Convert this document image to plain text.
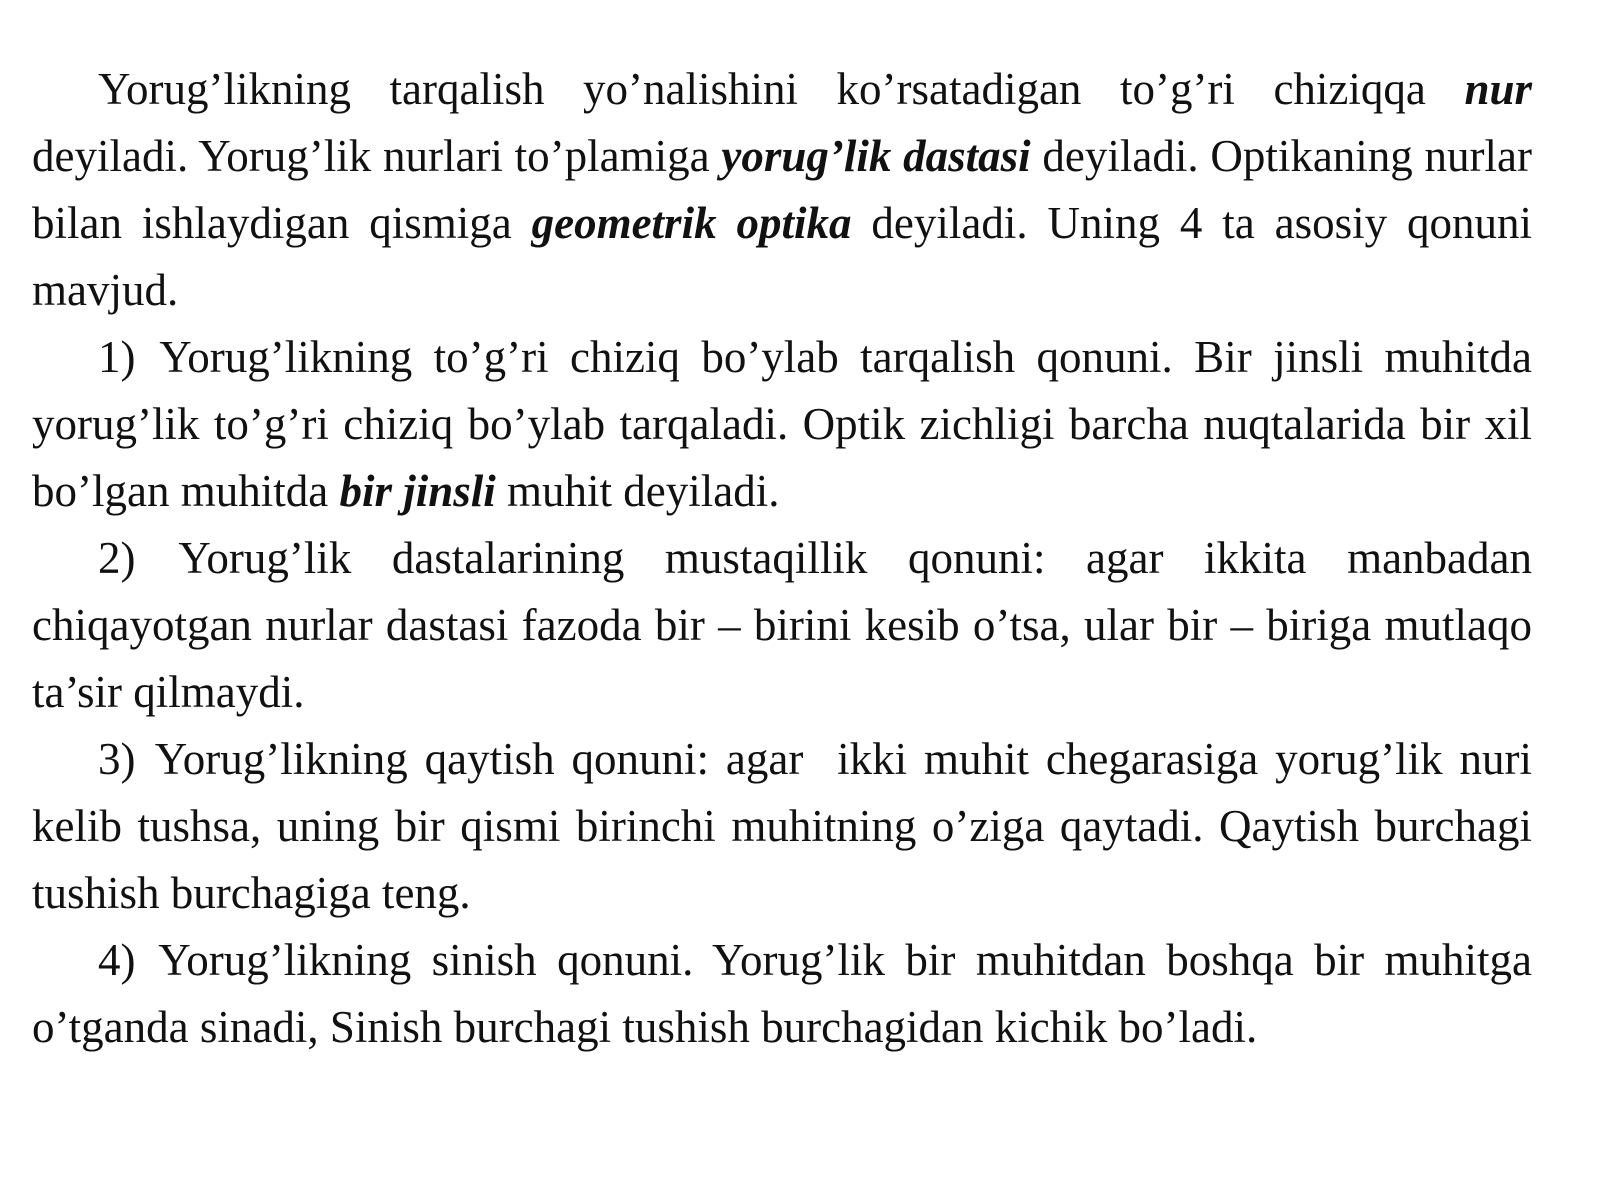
Yorug’likning tarqalish yo’nalishini ko’rsatadigan to’g’ri chiziqqa nur deyiladi. Yorug’lik nurlari to’plamiga yorug’lik dastasi deyiladi. Optikaning nurlar bilan ishlaydigan qismiga geometrik optika deyiladi. Uning 4 ta asosiy qonuni mavjud.

1) Yorug’likning to’g’ri chiziq bo’ylab tarqalish qonuni. Bir jinsli muhitda yorug’lik to’g’ri chiziq bo’ylab tarqaladi. Optik zichligi barcha nuqtalarida bir xil bo’lgan muhitda bir jinsli muhit deyiladi.

2) Yorug’lik dastalarining mustaqillik qonuni: agar ikkita manbadan chiqayotgan nurlar dastasi fazoda bir – birini kesib o’tsa, ular bir – biriga mutlaqo ta’sir qilmaydi.

3) Yorug’likning qaytish qonuni: agar  ikki muhit chegarasiga yorug’lik nuri kelib tushsa, uning bir qismi birinchi muhitning o’ziga qaytadi. Qaytish burchagi tushish burchagiga teng.

4) Yorug’likning sinish qonuni. Yorug’lik bir muhitdan boshqa bir muhitga o’tganda sinadi, Sinish burchagi tushish burchagidan kichik bo’ladi.
